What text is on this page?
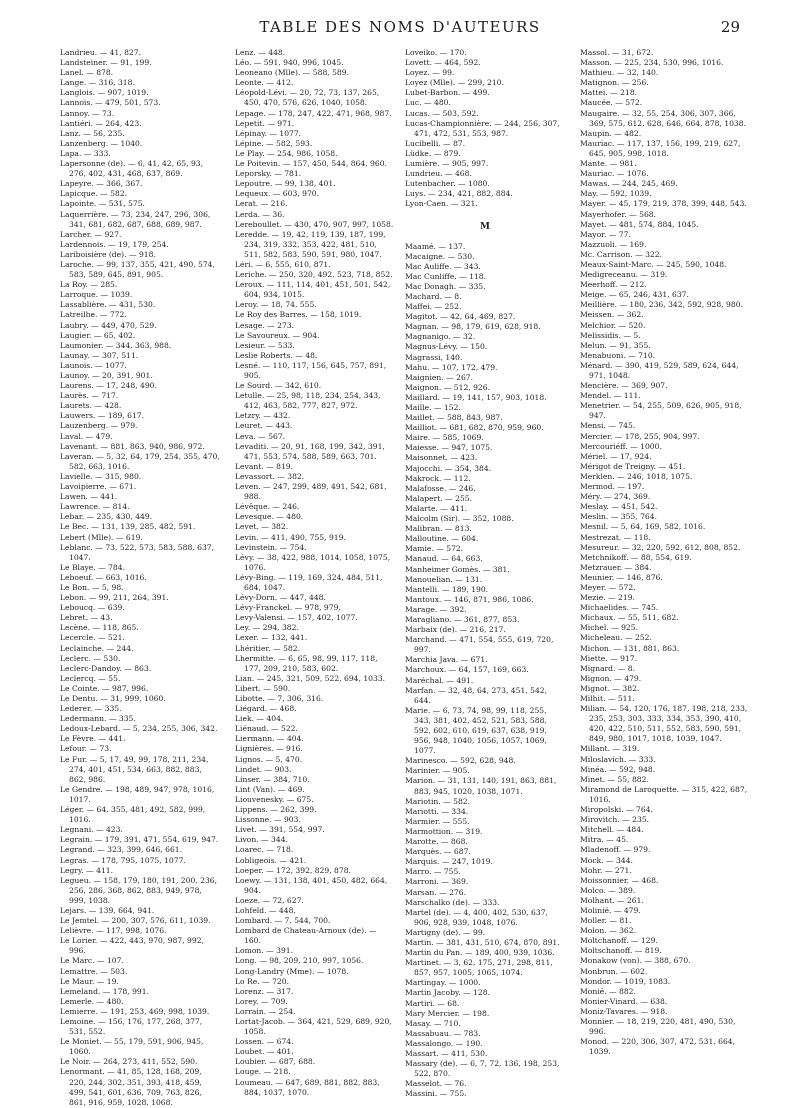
TABLE DES NOMS D'AUTEURS	29

Landrieu. — 41, 827.

Landsteiner. — 91, 199.

Lanel. — 878.

Lange. — 316, 318.

Langlois. — 907, 1019.

Lannois. — 479, 501, 573.

Lannoy. — 73.

Lantiéri. — 264, 423.

Lanz. — 56, 235.

Lanzenberg. — 1040.

Lapa. — 333.

Lapersonne (de). — 6, 41, 42, 65, 93, 276, 402, 431, 468, 637, 869.

Lapeyre. — 366, 367.

Lapicque. — 582.

Lapointe. — 531, 575.

Laquerrière. — 73, 234, 247, 296, 306, 341, 681, 682, 687, 688, 689, 987.

Larcher. — 927.

Lardennois. — 19, 179, 254.

Lariboisière (de). — 918.

Laroche. — 99, 137, 355, 421, 490, 574, 583, 589, 645, 891, 905.

La Roy. — 285.

Larroque. — 1039.

Lassablière. — 431, 530.

Latreilhe. — 772.

Laubry. — 449, 470, 529.

Laugier. — 65, 402.

Laumonier. — 344, 363, 988.

Launay. — 307, 511.

Launois. — 1077.

Launoy. — 20, 391, 901.

Laurens. — 17, 248, 490.

Laurès. — 717.

Laurets. — 428.

Lauwers. — 189, 617.

Lauzenberg. — 979.

Laval. — 479.

Lavenant. — 881, 863, 940, 986, 972.

Laveran. — 5, 32, 64, 179, 254, 355, 470, 582, 663, 1016.

Lavielle. — 315, 980.

Lavoipierre. — 671.

Lawen. — 441.

Lawrence. — 814.

Lebar. — 235, 430, 449.

Le Bec. — 131, 139, 285, 482, 591.

Lebert (Mlle). — 619.

Leblanc. — 73, 522, 573, 583, 588, 637, 1047.

Le Blaye. — 784.

Leboeuf. — 663, 1016.

Le Bon. — 5, 98.

Lebon. — 99, 211, 264, 391.

Leboucq. — 639.

Lebret. — 43.

Lecène. — 118, 865.

Lecercle. — 521.

Leclainche. — 244.

Leclerc. — 530.

Leclerc-Dandoy. — 863.

Leclercq. — 55.

Le Cointe. — 987, 996.

Le Dentu. — 31, 999, 1060.

Lederer. — 335.

Ledermann. — 335.

Ledoux-Lebard. — 5, 234, 255, 306, 342.

Le Fèvre. — 441.

Lefour. — 73.

Le Fur. — 5, 17, 49, 99, 178, 211, 234, 274, 401, 451, 534, 663, 882, 883, 862, 986.

Le Gendre. — 198, 489, 947, 978, 1016, 1017.

Léger. — 64, 355, 481, 492, 582, 999, 1016.

Legnani. — 423.

Legrain. — 179, 391, 471, 554, 619, 947.

Legrand. — 323, 399, 646, 661.

Legras. — 178, 795, 1075, 1077.

Legry. — 411.

Legueu. — 158, 179, 180, 191, 200, 236, 256, 286, 368, 862, 883, 949, 978, 999, 1038.

Lejars. — 139, 664, 941.

Le Jemtel. — 200, 307, 576, 611, 1039.

Lelièvre. — 117, 998, 1076.

Le Lorier. — 422, 443, 970, 987, 992, 996.

Le Marc. — 107.

Lemattre. — 503.

Le Maur. — 19.

Lemeland. — 178, 991.

Lemerle. — 480.

Lemierre. — 191, 253, 469, 998, 1039.

Lemoine. — 156, 176, 177, 268, 377, 531, 552.

Le Moniet. — 55, 179, 591, 906, 945, 1060.

Le Noir. — 264, 273, 411, 552, 590.

Lenormant. — 41, 85, 128, 168, 209, 220, 244, 302, 351, 393, 418, 459, 499, 541, 601, 636, 709, 763, 826, 861, 916, 959, 1028, 1068.

Lenz. — 448.

Léo. — 591, 940, 996, 1045.

Leoneano (Mlle). — 588, 589.

Leonte. — 412.

Léopold-Lévi. — 20, 72, 73, 137, 265, 450, 470, 576, 626, 1040, 1058.

Lepage. — 178, 247, 422, 471, 968, 987.

Lepetit. — 971.

Lépinay. — 1077.

Lépine. — 582, 593.

Le Play. — 254, 986, 1058.

Le Poitevin. — 157, 450, 544, 864, 960.

Leporsky. — 781.

Lepoutre. — 99, 138, 401.

Lequeux. — 603, 970.

Lerat. — 216.

Lerda. — 36.

Lereboullet. — 430, 470, 907, 997, 1058.

Leredde. — 19, 42, 119, 139, 187, 199, 234, 319, 332, 353, 422, 481, 510, 511, 582, 583, 590, 591, 980, 1047.

Léri. — 6, 555, 610, 871.

Leriche. — 250, 320, 492, 523, 718, 852.

Leroux. — 111, 114, 401, 451, 501, 542, 604, 934, 1015.

Leroy. — 18, 74, 555.

Le Roy des Barres. — 158, 1019.

Lesage. — 273.

Le Savoureux. — 904.

Lesieur. — 533.

Leslie Roberts. — 48.

Lesné. — 110, 117, 156, 645, 757, 891, 905.

Le Sourd. — 342, 610.

Letulle. — 25, 98, 118, 234, 254, 343, 412, 463, 582, 777, 827, 972.

Letzry. — 432.

Leuret. — 443.

Leva. — 567.

Levaditi. — 20, 91, 168, 199, 342, 391, 471, 553, 574, 588, 589, 663, 701.

Levant. — 819.

Levassort. — 382.

Leven. — 247, 299, 489, 491, 542, 681, 988.

Lévêque. — 246.

Levesque. — 480.

Levet. — 382.

Levin. — 411, 490, 755, 919.

Levinstein. — 754.

Lévy. — 38, 422, 988, 1014, 1058, 1075, 1076.

Lévy-Bing. — 119, 169, 324, 484, 511, 684, 1047.

Lévy-Dorn. — 447, 448.

Lévy-Franckel. — 978, 979.

Levy-Valensi. — 157, 402, 1077.

Ley. — 294, 382.

Lexer. — 132, 441.

Lhéritier. — 582.

Lhermitte. — 6, 65, 98, 99, 117, 118, 177, 209, 210, 583, 602.

Lian. — 245, 321, 509, 522, 694, 1033.

Libert. — 590.

Libotte. — 7, 306, 316.

Liégard. — 468.

Liek. — 404.

Liénaud. — 522.

Liermann. — 404.

Lignières. — 916.

Lignos. — 5, 470.

Lindet. — 903.

Linser. — 384, 710.

Lint (Van). — 469.

Liouvenesky. — 675.

Lippens. — 262, 399.

Lissonne. — 903.

Livet. — 391, 554, 997.

Livon. — 344.

Loarec. — 718.

Lobligeois. — 421.

Loeper. — 172, 392, 829, 878.

Loewy. — 131, 138, 401, 450, 482, 664, 904.

Loeze. — 72, 627.

Lohfeld. — 448.

Lombard. — 7, 544, 700.

Lombard de Chateau-Arnoux (de). — 160.

Lomon. — 391.

Long. — 98, 209, 210, 997, 1056.

Long-Landry (Mme). — 1078.

Lo Re. — 720.

Lorenz. — 317.

Lorey. — 709.

Lorrain. — 254.

Lortat-Jacob. — 364, 421, 529, 689, 920, 1058.

Lossen. — 674.

Loubet. — 401.

Loubier. — 687, 688.

Louge. — 218.

Loumeau. — 647, 689, 881, 882, 883, 884, 1037, 1070.

Loveiko. — 170.

Lovett. — 464, 592.

Loyez. — 99.

Loyez (Mlle). — 299, 210.

Lubet-Barbon. — 499.

Luc. — 480.

Lucas. — 503, 592.

Lucas-Championnière. — 244, 256, 307, 471, 472, 531, 553, 987.

Lucibelli. — 87.

Lüdke. — 879.

Lumière. — 905, 997.

Lundrieu. — 468.

Lutenbacher. — 1080.

Luys. — 234, 421, 882, 884.

Lyon-Caen. — 321.

M

Maamé. — 137.

Macaigne. — 530.

Mac Auliffe. — 343.

Mac Cunliffe. — 118.

Mac Donagh. — 335.

Machard. — 8.

Maffei. — 252.

Magitot. — 42, 64, 469, 827.

Magnan. — 98, 179, 619, 628, 918.

Magnanigo. — 32.

Magnus-Lévy. — 150.

Magrassi, 140.

Mahu. — 107, 172, 479.

Maignien. — 267.

Maignon. — 512, 926.

Maillard. — 19, 141, 157, 903, 1018.

Maille. — 152.

Maillet. — 588, 843, 987.

Mailliot. — 681, 682, 870, 959, 960.

Maire. — 585, 1069.

Maiesse. — 947, 1075.

Maisonnet. — 423.

Majocchi. — 354, 384.

Makrock. — 112.

Malafosse. — 246.

Malapert. — 255.

Malarte. — 411.

Malcolm (Sir). — 352, 1088.

Malibran. — 813.

Malloutine. — 604.

Mamie. — 572.

Manaud. — 64, 663.

Manheimer Gomès. — 381.

Manouelian. — 131.

Mantelli. — 189, 190.

Mantoux. — 146, 871, 986, 1086.

Marage. — 392.

Maragliano. — 361, 877, 853.

Marbaix (de). — 216, 217.

Marchand. — 471, 554, 555, 619, 720, 997.

Marchia Java. — 671.

Marchoux. — 64, 157, 169, 663.

Maréchal. — 491.

Marfan. — 32, 48, 64, 273, 451, 542, 644.

Marie. — 6, 73, 74, 98, 99, 118, 255, 343, 381, 402, 452, 521, 583, 588, 592, 602, 610, 619, 637, 638, 919, 956, 948, 1040, 1056, 1057, 1069, 1077.

Marinesco. — 592, 628, 948.

Marinier. — 905.

Marion. — 31, 131, 140, 191, 863, 881, 883, 945, 1020, 1038, 1071.

Mariotin. — 582.

Mariotti. — 334.

Marmier. — 555.

Marmottion. — 319.

Marotte. — 868.

Marquès. — 687.

Marquis. — 247, 1019.

Marro. — 755.

Marroni. — 369.

Marsan. — 276.

Marschalko (de). — 333.

Martel (de). — 4, 400, 402, 530, 637, 906, 928, 939, 1048, 1076.

Martigny (de). — 99.

Martin. — 381, 431, 510, 674, 870, 891.

Martin du Pan. — 189, 400, 939, 1036.

Martinet. — 3, 62, 175, 271, 298, 811, 857, 957, 1005, 1065, 1074.

Martingay. — 1000.

Martin Jacoby. — 128.

Martiri. — 68.

Mary Mercier. — 198.

Masay. — 710.

Massabuau. — 783.

Massalongo. — 190.

Massart. — 411, 530.

Massary (de). — 6, 7, 72, 136, 198, 253, 522, 870.

Masselot. — 76.

Massini. — 755.

Massol. — 31, 672.

Masson. — 225, 234, 530, 996, 1016.

Mathieu. — 32, 140.

Matignon. — 256.

Mattei. — 218.

Maucée. — 572.

Maugaire. — 32, 55, 254, 306, 307, 366, 369, 575, 612, 628, 646, 664, 878, 1038.

Maupin. — 482.

Mauriac. — 117, 137, 156, 199, 219, 627, 645, 905, 998, 1018.

Mante. — 981.

Mauriac. — 1076.

Mawas. — 244, 245, 469.

May. — 592, 1039.

Mayer. — 45, 179, 219, 378, 399, 448, 543.

Mayerhofer. — 568.

Mayet. — 481, 574, 884, 1045.

Mayor. — 77.

Mazzuoli. — 169.

Mc. Carrison. — 322.

Meaux-Saint-Marc. — 245, 590, 1048.

Medigreceanu. — 319.

Meerhoff. — 212.

Meige. — 65, 246, 431, 637.

Meillière. — 180, 236, 342, 592, 928, 980.

Meissen. — 362.

Melchior. — 520.

Melissidis. — 5.

Melun. — 91, 355.

Menabuoni. — 710.

Ménard. — 390, 419, 529, 589, 624, 644, 971, 1048.

Mencière. — 369, 907.

Mendel. — 111.

Menetrier. — 54, 255, 509, 626, 905, 918, 947.

Mensi. — 745.

Mercier. — 178, 255, 904, 997.

Mercouriéff. — 1000.

Mériel. — 17, 924.

Mérigot de Treigny. — 451.

Merklen. — 246, 1018, 1075.

Mermod. — 197.

Méry. — 274, 369.

Meslay. — 451, 542.

Meslin. — 355, 764.

Mesnil. — 5, 64, 169, 582, 1016.

Mestrezat. — 118.

Mesureur. — 32, 220, 592, 612, 808, 852.

Metchnikoff. — 88, 554, 619.

Metzrauer. — 384.

Meunier. — 146, 876.

Meyer. — 572.

Mezie. — 219.

Michaelides. — 745.

Michaux. — 55, 511, 682.

Michel. — 925.

Micheleau. — 252.

Michon. — 131, 881, 863.

Miette. — 917.

Mignard. — 8.

Mignon. — 479.

Mignot. — 382.

Milhit. — 511.

Milian. — 54, 120, 176, 187, 198, 218, 233, 235, 253, 303, 333, 334, 353, 390, 410, 420, 422, 510, 511, 552, 583, 590, 591, 849, 980, 1017, 1018, 1039, 1047.

Millant. — 319.

Miloslavich. — 333.

Minéa. — 592, 948.

Minet. — 55, 882.

Miramond de Laroquette. — 315, 422, 687, 1016.

Miropolski. — 764.

Mirovitch. — 235.

Mitchell. — 484.

Mitra. — 45.

Mladenoff. — 979.

Mock. — 344.

Mohr. — 271.

Moissonnier. — 468.

Molco. — 389.

Molhant. — 261.

Molinié. — 479.

Moller. — 81.

Molon. — 362.

Moltchanoff. — 129.

Moltschanoff. — 819.

Monakow (von). — 388, 670.

Monbrun. — 602.

Mondor. — 1019, 1083.

Monié. — 882.

Monier-Vinard. — 638.

Moniz-Tavares. — 918.

Monnier. — 18, 219, 220, 481, 490, 530, 996.

Monod. — 220, 306, 307, 472, 531, 664, 1039.
